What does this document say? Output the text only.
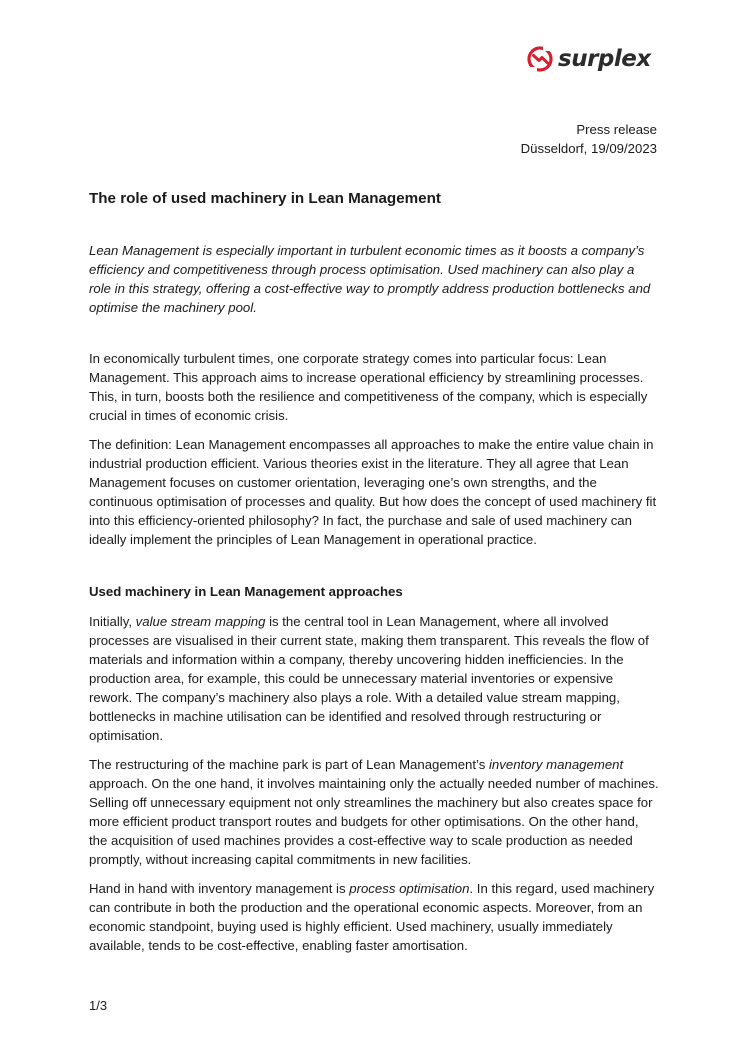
surplex
Press release
Düsseldorf, 19/09/2023
The role of used machinery in Lean Management

Lean Management is especially important in turbulent economic times as it boosts a company’s efficiency and competitiveness through process optimisation. Used machinery can also play a role in this strategy, offering a cost-effective way to promptly address production bottlenecks and optimise the machinery pool.

In economically turbulent times, one corporate strategy comes into particular focus: Lean Management. This approach aims to increase operational efficiency by streamlining processes. This, in turn, boosts both the resilience and competitiveness of the company, which is especially crucial in times of economic crisis.

The definition: Lean Management encompasses all approaches to make the entire value chain in industrial production efficient. Various theories exist in the literature. They all agree that Lean Management focuses on customer orientation, leveraging one’s own strengths, and the continuous optimisation of processes and quality. But how does the concept of used machinery fit into this efficiency-oriented philosophy? In fact, the purchase and sale of used machinery can ideally implement the principles of Lean Management in operational practice.

Used machinery in Lean Management approaches

Initially, value stream mapping is the central tool in Lean Management, where all involved processes are visualised in their current state, making them transparent. This reveals the flow of materials and information within a company, thereby uncovering hidden inefficiencies. In the production area, for example, this could be unnecessary material inventories or expensive rework. The company’s machinery also plays a role. With a detailed value stream mapping, bottlenecks in machine utilisation can be identified and resolved through restructuring or optimisation.

The restructuring of the machine park is part of Lean Management’s inventory management approach. On the one hand, it involves maintaining only the actually needed number of machines. Selling off unnecessary equipment not only streamlines the machinery but also creates space for more efficient product transport routes and budgets for other optimisations. On the other hand, the acquisition of used machines provides a cost-effective way to scale production as needed promptly, without increasing capital commitments in new facilities.

Hand in hand with inventory management is process optimisation. In this regard, used machinery can contribute in both the production and the operational economic aspects. Moreover, from an economic standpoint, buying used is highly efficient. Used machinery, usually immediately available, tends to be cost-effective, enabling faster amortisation.

1/3
